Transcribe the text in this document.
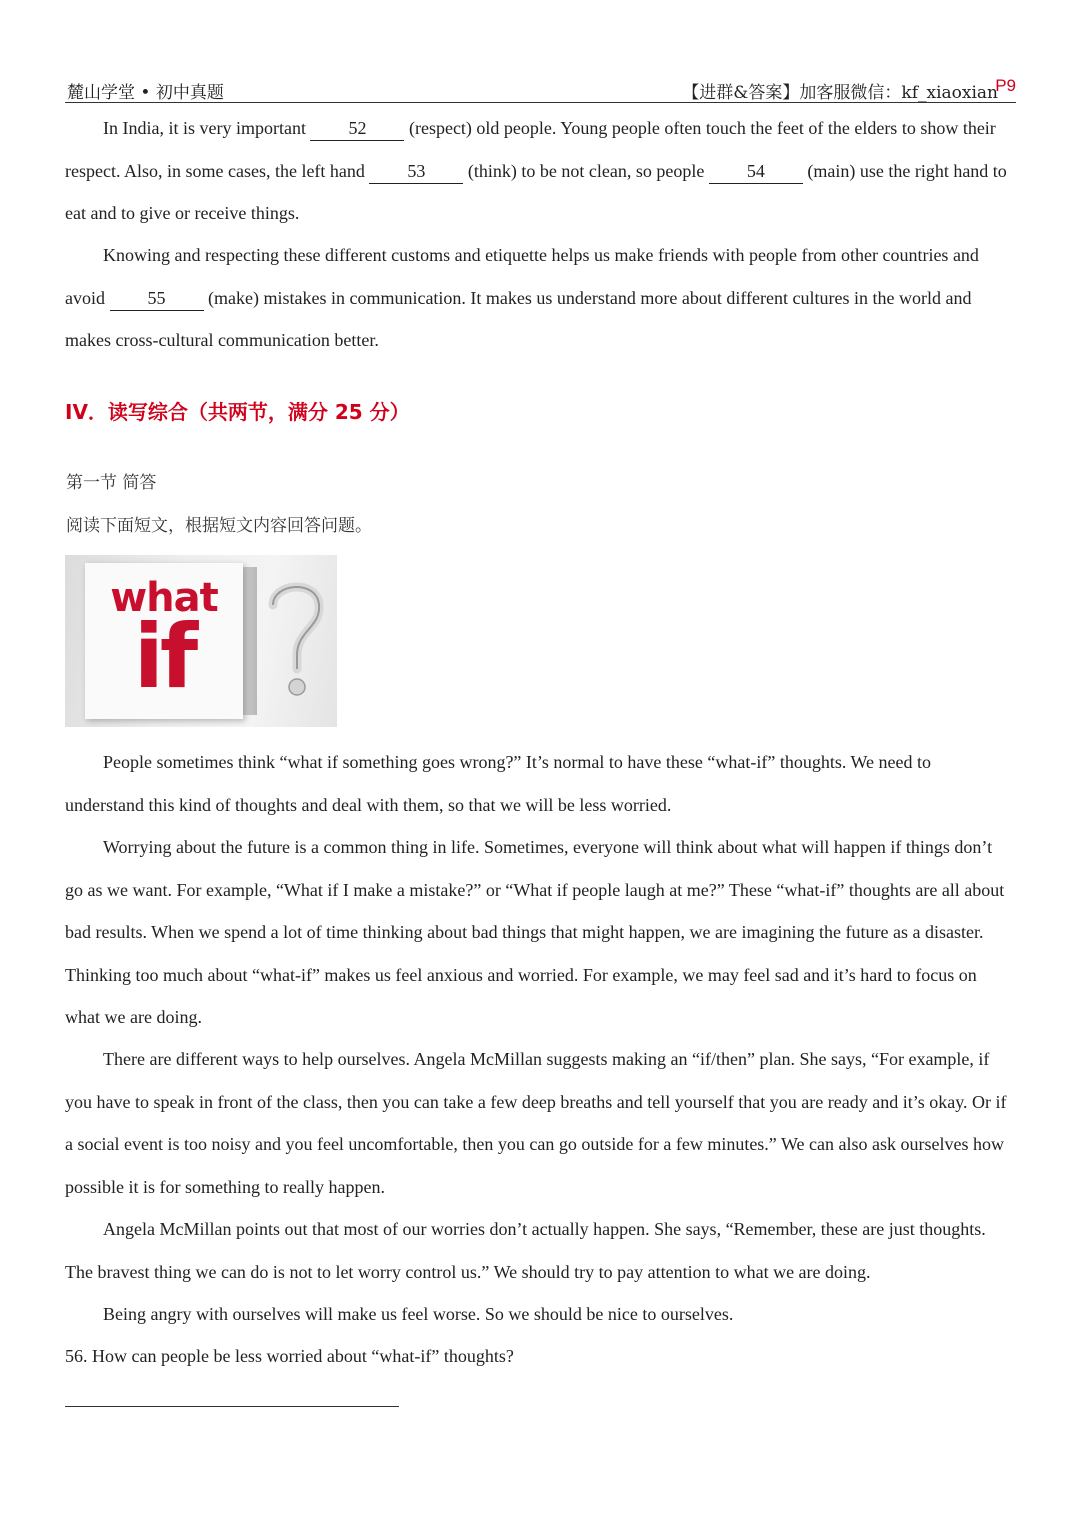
麓山学堂 • 初中真题	【进群&答案】加客服微信：kf_xiaoxian
P9

In India, it is very important 52 (respect) old people. Young people often touch the feet of the elders to show their respect. Also, in some cases, the left hand 53 (think) to be not clean, so people 54 (main) use the right hand to eat and to give or receive things.

Knowing and respecting these different customs and etiquette helps us make friends with people from other countries and avoid 55 (make) mistakes in communication. It makes us understand more about different cultures in the world and makes cross-cultural communication better.

IV．读写综合（共两节，满分 25 分）
第一节 简答
阅读下面短文，根据短文内容回答问题。
what
if

People sometimes think “what if something goes wrong?” It’s normal to have these “what-if” thoughts. We need to understand this kind of thoughts and deal with them, so that we will be less worried.

Worrying about the future is a common thing in life. Sometimes, everyone will think about what will happen if things don’t go as we want. For example, “What if I make a mistake?” or “What if people laugh at me?” These “what-if” thoughts are all about bad results. When we spend a lot of time thinking about bad things that might happen, we are imagining the future as a disaster. Thinking too much about “what-if” makes us feel anxious and worried. For example, we may feel sad and it’s hard to focus on what we are doing.

There are different ways to help ourselves. Angela McMillan suggests making an “if/then” plan. She says, “For example, if you have to speak in front of the class, then you can take a few deep breaths and tell yourself that you are ready and it’s okay. Or if a social event is too noisy and you feel uncomfortable, then you can go outside for a few minutes.” We can also ask ourselves how possible it is for something to really happen.

Angela McMillan points out that most of our worries don’t actually happen. She says, “Remember, these are just thoughts. The bravest thing we can do is not to let worry control us.” We should try to pay attention to what we are doing.

Being angry with ourselves will make us feel worse. So we should be nice to ourselves.

56. How can people be less worried about “what-if” thoughts?
